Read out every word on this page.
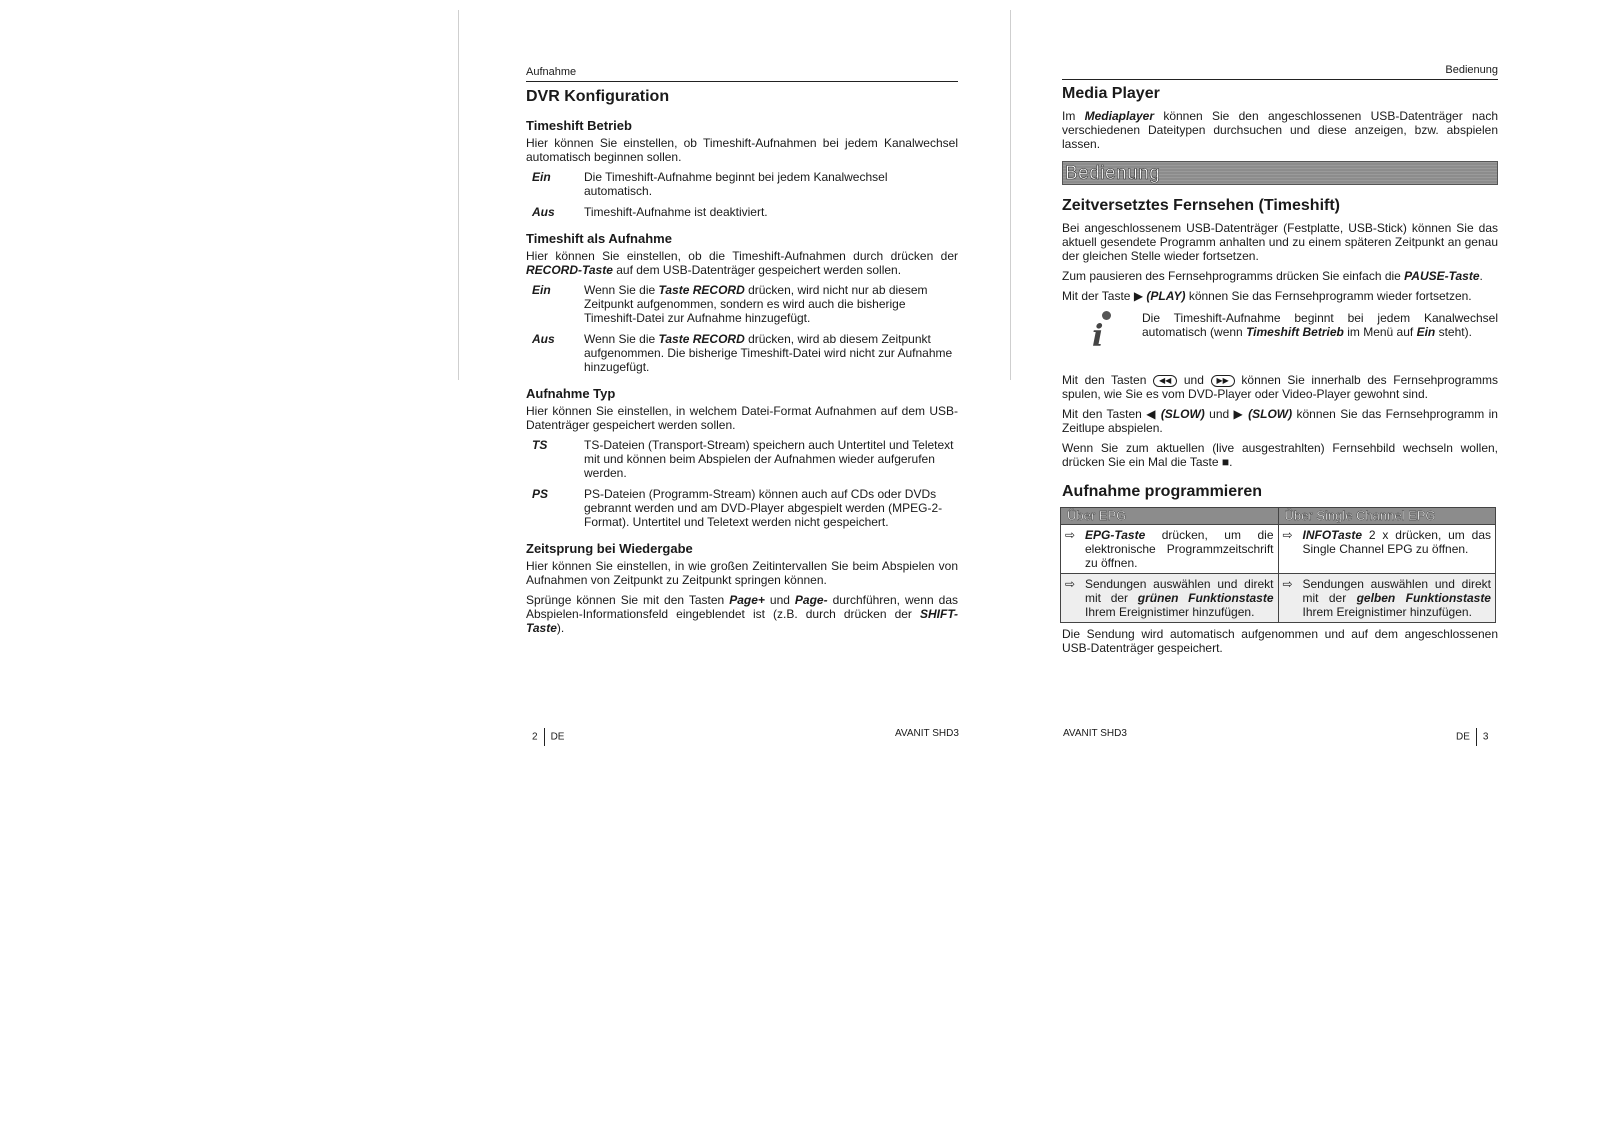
Aufnahme
DVR Konfiguration
Timeshift Betrieb

Hier können Sie einstellen, ob Timeshift-Aufnahmen bei jedem Kanalwechsel automatisch beginnen sollen.

Ein	Die Timeshift-Aufnahme beginnt bei jedem Kanalwechsel automatisch.
Aus	Timeshift-Aufnahme ist deaktiviert.
Timeshift als Aufnahme

Hier können Sie einstellen, ob die Timeshift-Aufnahmen durch drücken der RECORD-Taste auf dem USB-Datenträger gespeichert werden sollen.

Ein	Wenn Sie die Taste RECORD drücken, wird nicht nur ab diesem Zeitpunkt aufgenommen, sondern es wird auch die bisherige Timeshift-Datei zur Aufnahme hinzugefügt.
Aus	Wenn Sie die Taste RECORD drücken, wird ab diesem Zeitpunkt aufgenommen. Die bisherige Timeshift-Datei wird nicht zur Aufnahme hinzugefügt.
Aufnahme Typ

Hier können Sie einstellen, in welchem Datei-Format Aufnahmen auf dem USB-Datenträger gespeichert werden sollen.

TS	TS-Dateien (Transport-Stream) speichern auch Untertitel und Teletext mit und können beim Abspielen der Aufnahmen wieder aufgerufen werden.
PS	PS-Dateien (Programm-Stream) können auch auf CDs oder DVDs gebrannt werden und am DVD-Player abgespielt werden (MPEG-2-Format). Untertitel und Teletext werden nicht gespeichert.
Zeitsprung bei Wiedergabe

Hier können Sie einstellen, in wie großen Zeitintervallen Sie beim Abspielen von Aufnahmen von Zeitpunkt zu Zeitpunkt springen können.

Sprünge können Sie mit den Tasten Page+ und Page- durchführen, wenn das Abspielen-Informationsfeld eingeblendet ist (z.B. durch drücken der SHIFT-Taste).

2 DE	AVANIT SHD3
Bedienung
Media Player

Im Mediaplayer können Sie den angeschlossenen USB-Datenträger nach verschiedenen Dateitypen durchsuchen und diese anzeigen, bzw. abspielen lassen.

Bedienung
Zeitversetztes Fernsehen (Timeshift)

Bei angeschlossenem USB-Datenträger (Festplatte, USB-Stick) können Sie das aktuell gesendete Programm anhalten und zu einem späteren Zeitpunkt an genau der gleichen Stelle wieder fortsetzen.

Zum pausieren des Fernsehprogramms drücken Sie einfach die PAUSE-Taste.

Mit der Taste ▶ (PLAY) können Sie das Fernsehprogramm wieder fortsetzen.

i
Die Timeshift-Aufnahme beginnt bei jedem Kanalwechsel automatisch (wenn Timeshift Betrieb im Menü auf Ein steht).

Mit den Tasten ◀◀ und ▶▶ können Sie innerhalb des Fernsehprogramms spulen, wie Sie es vom DVD-Player oder Video-Player gewohnt sind.

Mit den Tasten ◀ (SLOW) und ▶ (SLOW) können Sie das Fernsehprogramm in Zeitlupe abspielen.

Wenn Sie zum aktuellen (live ausgestrahlten) Fernsehbild wechseln wollen, drücken Sie ein Mal die Taste ■.

Aufnahme programmieren
Über EPG	Über Single Channel EPG

⇨ EPG-Taste drücken, um die elektronische Programmzeitschrift zu öffnen.	⇨ INFOTaste 2 x drücken, um das Single Channel EPG zu öffnen.

⇨ Sendungen auswählen und direkt mit der grünen Funktionstaste Ihrem Ereignistimer hinzufügen.	⇨ Sendungen auswählen und direkt mit der gelben Funktionstaste Ihrem Ereignistimer hinzufügen.

Die Sendung wird automatisch aufgenommen und auf dem angeschlossenen USB-Datenträger gespeichert.

AVANIT SHD3	DE 3
